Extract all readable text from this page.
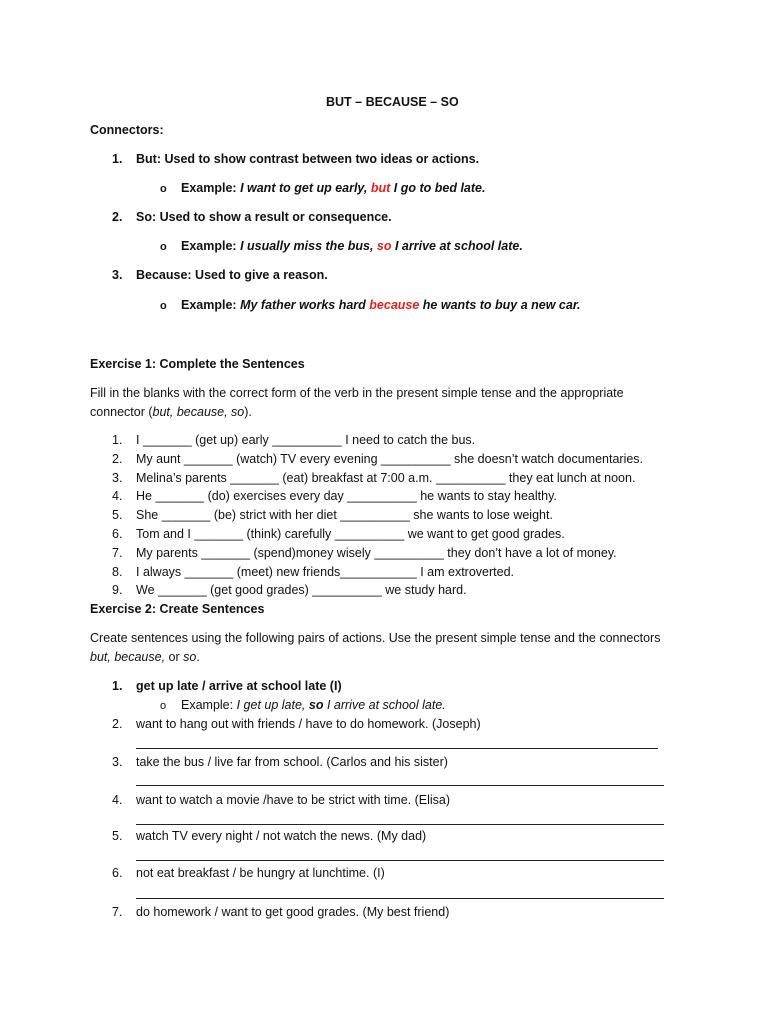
BUT – BECAUSE – SO
Connectors:
1. But: Used to show contrast between two ideas or actions.
o Example: I want to get up early, but I go to bed late.
2. So: Used to show a result or consequence.
o Example: I usually miss the bus, so I arrive at school late.
3. Because: Used to give a reason.
o Example: My father works hard because he wants to buy a new car.
Exercise 1: Complete the Sentences
Fill in the blanks with the correct form of the verb in the present simple tense and the appropriate
connector (but, because, so).
1. I _______ (get up) early __________ I need to catch the bus.
2. My aunt _______ (watch) TV every evening __________ she doesn’t watch documentaries.
3. Melina’s parents _______ (eat) breakfast at 7:00 a.m. __________ they eat lunch at noon.
4. He _______ (do) exercises every day __________ he wants to stay healthy.
5. She _______ (be) strict with her diet __________ she wants to lose weight.
6. Tom and I _______ (think) carefully __________ we want to get good grades.
7. My parents _______ (spend)money wisely __________ they don’t have a lot of money.
8. I always _______ (meet) new friends___________ I am extroverted.
9. We _______ (get good grades) __________ we study hard.
Exercise 2: Create Sentences
Create sentences using the following pairs of actions. Use the present simple tense and the connectors
but, because, or so.
1. get up late / arrive at school late (I)
o Example: I get up late, so I arrive at school late.
2. want to hang out with friends / have to do homework. (Joseph)
3. take the bus / live far from school. (Carlos and his sister)
4. want to watch a movie /have to be strict with time. (Elisa)
5. watch TV every night / not watch the news. (My dad)
6. not eat breakfast / be hungry at lunchtime. (I)
7. do homework / want to get good grades. (My best friend)
